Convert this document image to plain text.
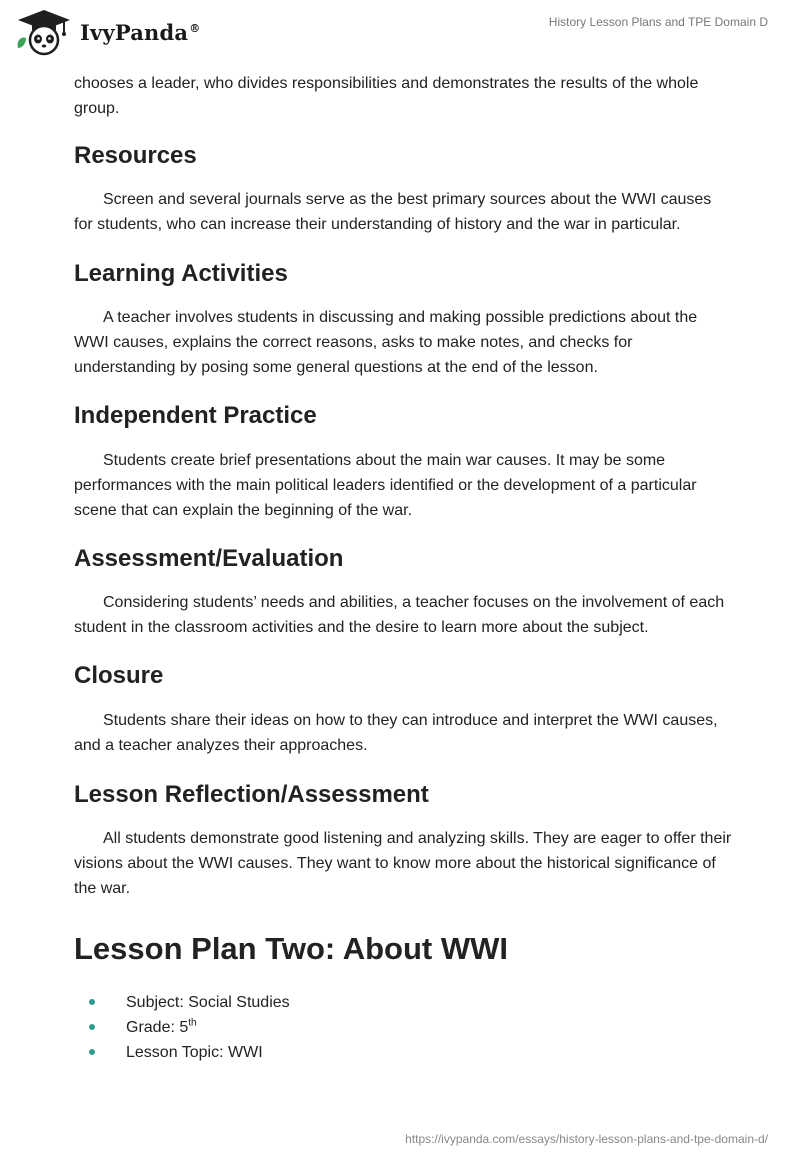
IvyPanda®	History Lesson Plans and TPE Domain D

chooses a leader, who divides responsibilities and demonstrates the results of the whole group.

Resources

Screen and several journals serve as the best primary sources about the WWI causes for students, who can increase their understanding of history and the war in particular.

Learning Activities

A teacher involves students in discussing and making possible predictions about the WWI causes, explains the correct reasons, asks to make notes, and checks for understanding by posing some general questions at the end of the lesson.

Independent Practice

Students create brief presentations about the main war causes. It may be some performances with the main political leaders identified or the development of a particular scene that can explain the beginning of the war.

Assessment/Evaluation

Considering students’ needs and abilities, a teacher focuses on the involvement of each student in the classroom activities and the desire to learn more about the subject.

Closure

Students share their ideas on how to they can introduce and interpret the WWI causes, and a teacher analyzes their approaches.

Lesson Reflection/Assessment

All students demonstrate good listening and analyzing skills. They are eager to offer their visions about the WWI causes. They want to know more about the historical significance of the war.

Lesson Plan Two: About WWI
Subject: Social Studies
Grade: 5th
Lesson Topic: WWI
https://ivypanda.com/essays/history-lesson-plans-and-tpe-domain-d/
